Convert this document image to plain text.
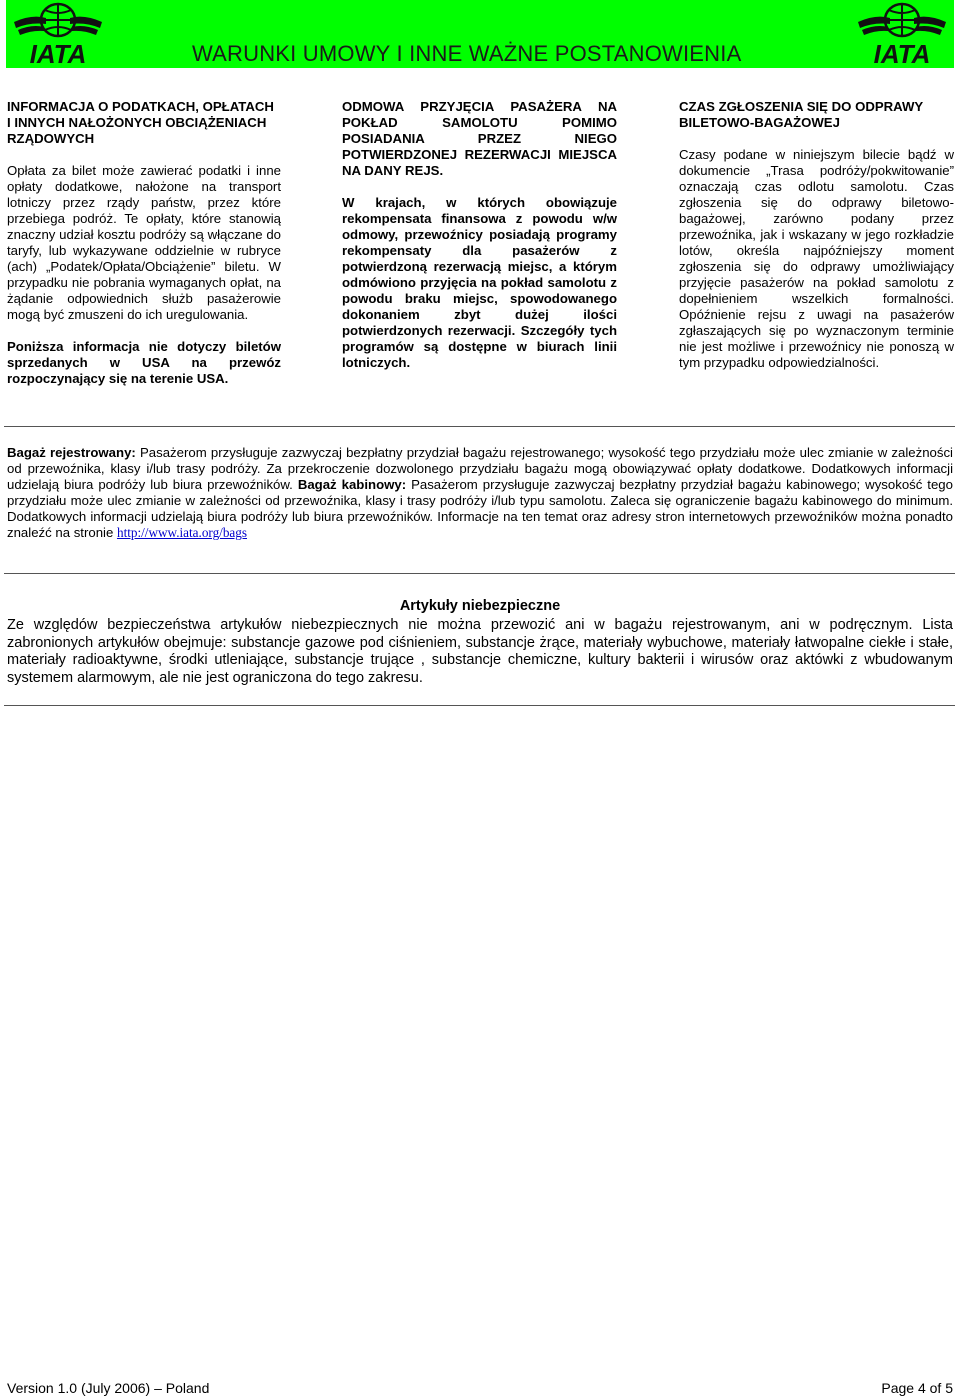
IATA	WARUNKI UMOWY I INNE WAŻNE POSTANOWIENIA	IATA

INFORMACJA O PODATKACH, OPŁATACH I INNYCH NAŁOŻONYCH OBCIĄŻENIACH RZĄDOWYCH

Opłata za bilet może zawierać podatki i inne opłaty dodatkowe, nałożone na transport lotniczy przez rządy państw, przez które przebiega podróż. Te opłaty, które stanowią znaczny udział kosztu podróży są włączane do taryfy, lub wykazywane oddzielnie w rubryce (ach) „Podatek/Opłata/Obciążenie” biletu. W przypadku nie pobrania wymaganych opłat, na żądanie odpowiednich służb pasażerowie mogą być zmuszeni do ich uregulowania.

Poniższa informacja nie dotyczy biletów sprzedanych w USA na przewóz rozpoczynający się na terenie USA.

ODMOWA PRZYJĘCIA PASAŻERA NA POKŁAD SAMOLOTU POMIMO POSIADANIA PRZEZ NIEGO POTWIERDZONEJ REZERWACJI MIEJSCA NA DANY REJS.

W krajach, w których obowiązuje rekompensata finansowa z powodu w/w odmowy, przewoźnicy posiadają programy rekompensaty dla pasażerów z potwierdzoną rezerwacją miejsc, a którym odmówiono przyjęcia na pokład samolotu z powodu braku miejsc, spowodowanego dokonaniem zbyt dużej ilości potwierdzonych rezerwacji. Szczegóły tych programów są dostępne w biurach linii lotniczych.

CZAS ZGŁOSZENIA SIĘ DO ODPRAWY BILETOWO-BAGAŻOWEJ

Czasy podane w niniejszym bilecie bądź w dokumencie „Trasa podróży/pokwitowanie” oznaczają czas odlotu samolotu. Czas zgłoszenia się do odprawy biletowo-bagażowej, zarówno podany przez przewoźnika, jak i wskazany w jego rozkładzie lotów, określa najpóźniejszy moment zgłoszenia się do odprawy umożliwiający przyjęcie pasażerów na pokład samolotu z dopełnieniem wszelkich formalności. Opóźnienie rejsu z uwagi na pasażerów zgłaszających się po wyznaczonym terminie nie jest możliwe i przewoźnicy nie ponoszą w tym przypadku odpowiedzialności.

Bagaż rejestrowany: Pasażerom przysługuje zazwyczaj bezpłatny przydział bagażu rejestrowanego; wysokość tego przydziału może ulec zmianie w zależności od przewoźnika, klasy i/lub trasy podróży. Za przekroczenie dozwolonego przydziału bagażu mogą obowiązywać opłaty dodatkowe. Dodatkowych informacji udzielają biura podróży lub biura przewoźników. Bagaż kabinowy: Pasażerom przysługuje zazwyczaj bezpłatny przydział bagażu kabinowego; wysokość tego przydziału może ulec zmianie w zależności od przewoźnika, klasy i trasy podróży i/lub typu samolotu. Zaleca się ograniczenie bagażu kabinowego do minimum. Dodatkowych informacji udzielają biura podróży lub biura przewoźników. Informacje na ten temat oraz adresy stron internetowych przewoźników można ponadto znaleźć na stronie http://www.iata.org/bags

Artykuły niebezpieczne

Ze względów bezpieczeństwa artykułów niebezpiecznych nie można przewozić ani w bagażu rejestrowanym, ani w podręcznym. Lista zabronionych artykułów obejmuje: substancje gazowe pod ciśnieniem, substancje żrące, materiały wybuchowe, materiały łatwopalne ciekłe i stałe, materiały radioaktywne, środki utleniające, substancje trujące , substancje chemiczne, kultury bakterii i wirusów oraz aktówki z wbudowanym systemem alarmowym, ale nie jest ograniczona do tego zakresu.

Version 1.0 (July 2006) – Poland	Page 4 of 5
